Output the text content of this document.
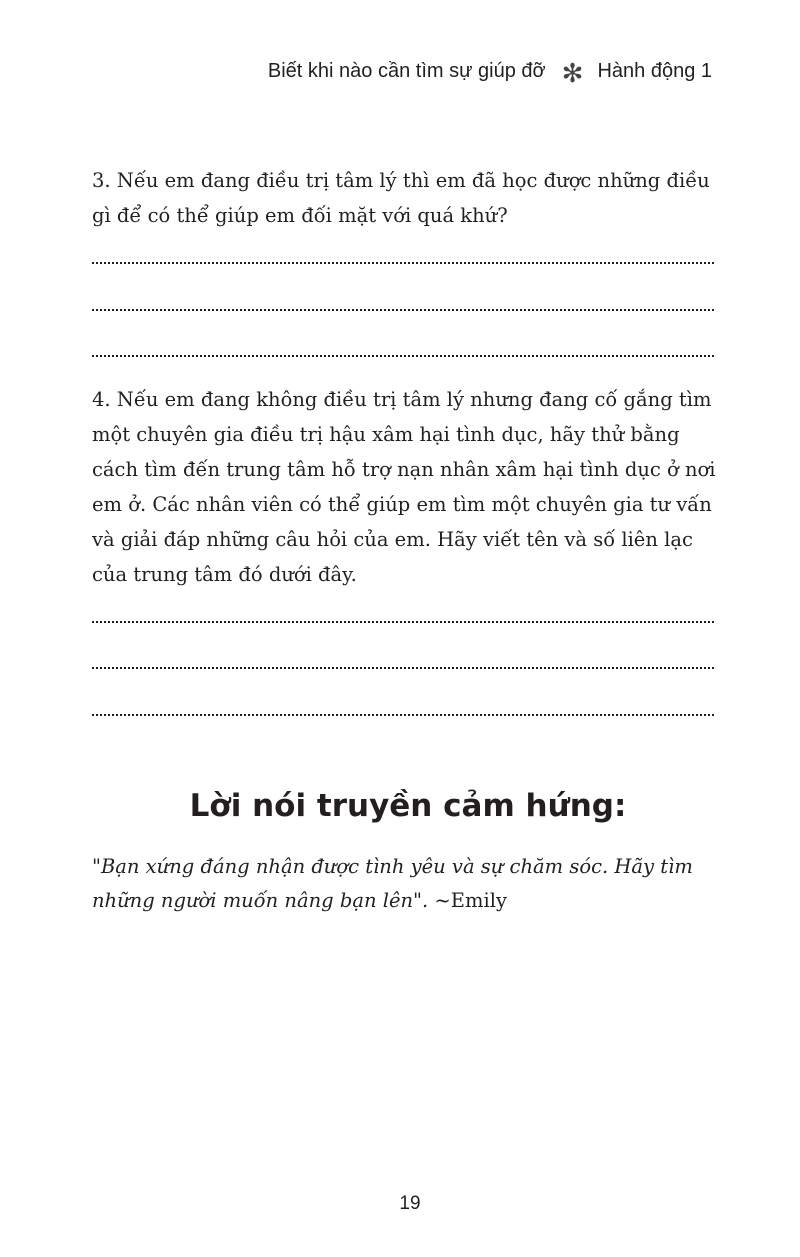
Biết khi nào cần tìm sự giúp đỡ ✻ Hành động 1
3. Nếu em đang điều trị tâm lý thì em đã học được những điều gì để có thể giúp em đối mặt với quá khứ?
4. Nếu em đang không điều trị tâm lý nhưng đang cố gắng tìm một chuyên gia điều trị hậu xâm hại tình dục, hãy thử bằng cách tìm đến trung tâm hỗ trợ nạn nhân xâm hại tình dục ở nơi em ở. Các nhân viên có thể giúp em tìm một chuyên gia tư vấn và giải đáp những câu hỏi của em. Hãy viết tên và số liên lạc của trung tâm đó dưới đây.
Lời nói truyền cảm hứng:
"Bạn xứng đáng nhận được tình yêu và sự chăm sóc. Hãy tìm những người muốn nâng bạn lên". ~Emily
19
